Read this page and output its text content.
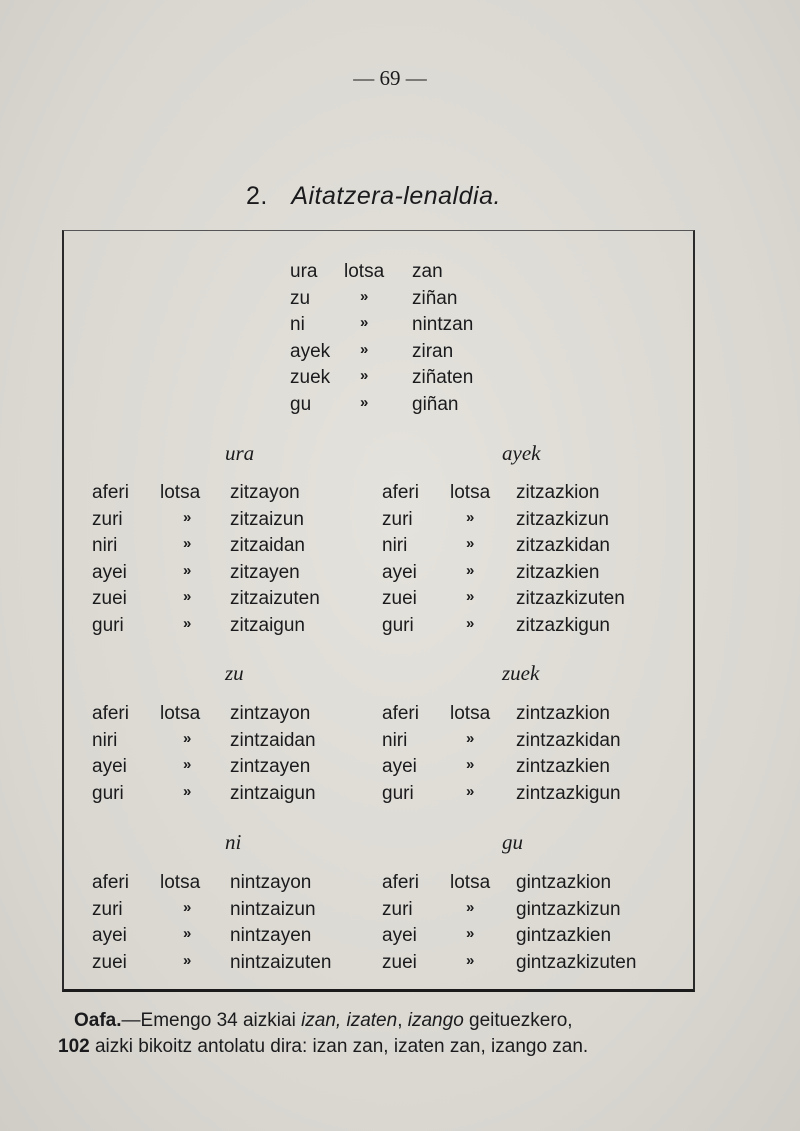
— 69 —
2. Aitatzera-lenaldia.
ura lotsa zan
zu	» ziñan
ni	» nintzan
ayek » ziran
zuek » ziñaten
gu	» giñan
ura	ayek
aferi lotsa zitzayon
zuri	» zitzaizun
niri	» zitzaidan
ayei	» zitzayen
zuei	» zitzaizuten
guri	» zitzaigun
aferi lotsa zitzazkion
zuri	» zitzazkizun
niri	» zitzazkidan
ayei	» zitzazkien
zuei	» zitzazkizuten
guri	» zitzazkigun
zu	zuek
aferi lotsa zintzayon
niri	» zintzaidan
ayei	» zintzayen
guri	» zintzaigun
aferi lotsa zintzazkion
niri	» zintzazkidan
ayei	» zintzazkien
guri	» zintzazkigun
ni	gu
aferi lotsa nintzayon
zuri	» nintzaizun
ayei	» nintzayen
zuei	» nintzaizuten
aferi lotsa gintzazkion
zuri	» gintzazkizun
ayei	» gintzazkien
zuei	» gintzazkizuten
Oafa.—Emengo 34 aizkiai izan, izaten, izango geituezkero,
102 aizki bikoitz antolatu dira: izan zan, izaten zan, izango zan.
